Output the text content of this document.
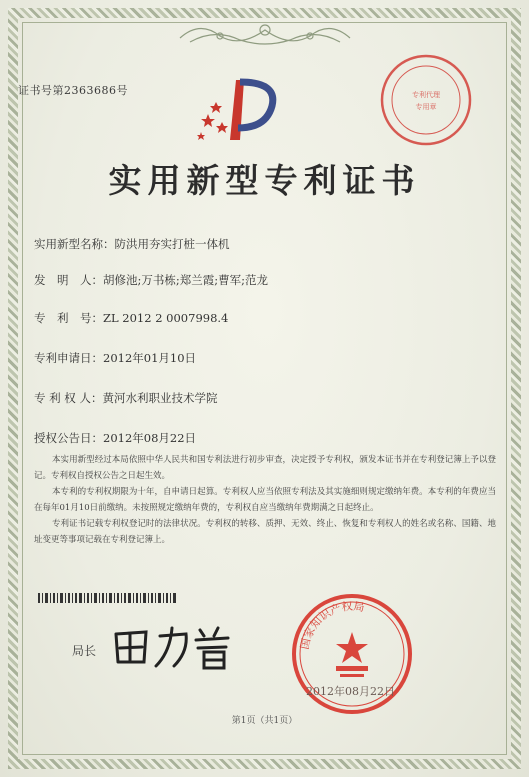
证书号第2363686号	专利代理
专用章
实用新型专利证书
实用新型名称：防洪用夯实打桩一体机
发　明　人：胡修池;万书栋;郑兰霞;曹军;范龙
专　利　号：ZL 2012 2 0007998.4
专利申请日：2012年01月10日
专 利 权 人：黄河水利职业技术学院
授权公告日：2012年08月22日

本实用新型经过本局依照中华人民共和国专利法进行初步审查，决定授予专利权，颁发本证书并在专利登记簿上予以登记。专利权自授权公告之日起生效。

本专利的专利权期限为十年，自申请日起算。专利权人应当依照专利法及其实施细则规定缴纳年费。本专利的年费应当在每年01月10日前缴纳。未按照规定缴纳年费的，专利权自应当缴纳年费期满之日起终止。

专利证书记载专利权登记时的法律状况。专利权的转移、质押、无效、终止、恢复和专利权人的姓名或名称、国籍、地址变更等事项记载在专利登记簿上。

局长
国家知识产权局
2012年08月22日
第1页（共1页）
